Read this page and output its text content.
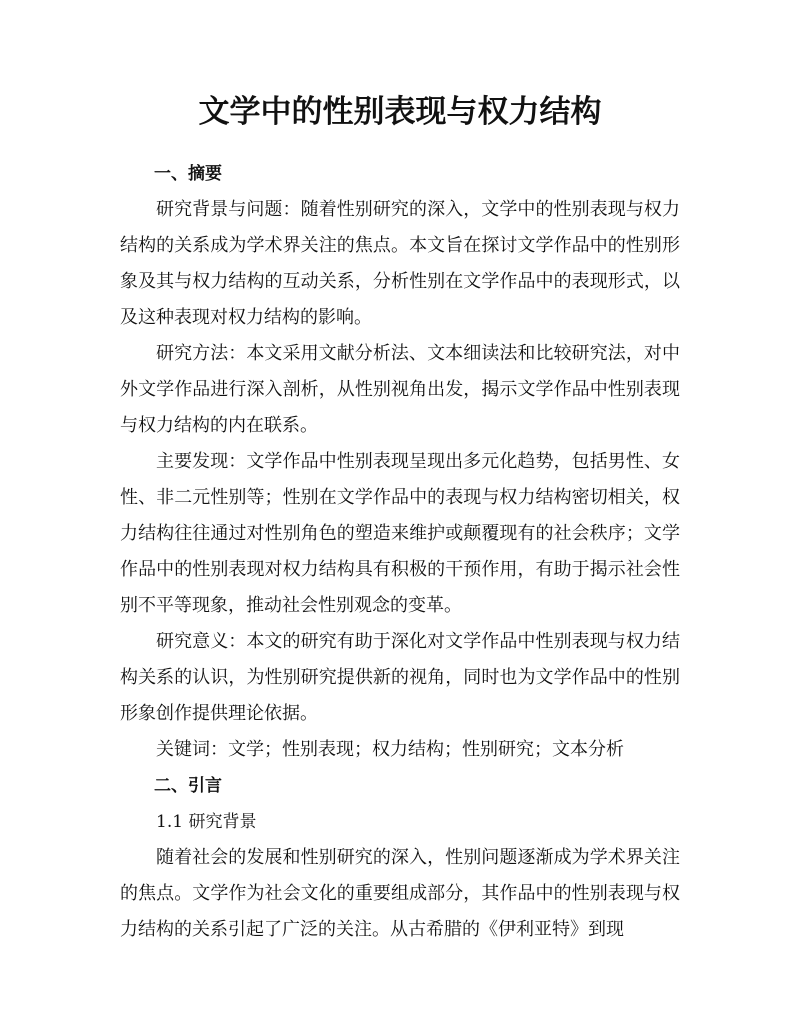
文学中的性别表现与权力结构
一、摘要

研究背景与问题：随着性别研究的深入，文学中的性别表现与权力结构的关系成为学术界关注的焦点。本文旨在探讨文学作品中的性别形象及其与权力结构的互动关系，分析性别在文学作品中的表现形式，以及这种表现对权力结构的影响。

研究方法：本文采用文献分析法、文本细读法和比较研究法，对中外文学作品进行深入剖析，从性别视角出发，揭示文学作品中性别表现与权力结构的内在联系。

主要发现：文学作品中性别表现呈现出多元化趋势，包括男性、女性、非二元性别等；性别在文学作品中的表现与权力结构密切相关，权力结构往往通过对性别角色的塑造来维护或颠覆现有的社会秩序；文学作品中的性别表现对权力结构具有积极的干预作用，有助于揭示社会性别不平等现象，推动社会性别观念的变革。

研究意义：本文的研究有助于深化对文学作品中性别表现与权力结构关系的认识，为性别研究提供新的视角，同时也为文学作品中的性别形象创作提供理论依据。

关键词：文学；性别表现；权力结构；性别研究；文本分析

二、引言

1.1 研究背景

随着社会的发展和性别研究的深入，性别问题逐渐成为学术界关注的焦点。文学作为社会文化的重要组成部分，其作品中的性别表现与权力结构的关系引起了广泛的关注。从古希腊的《伊利亚特》到现
